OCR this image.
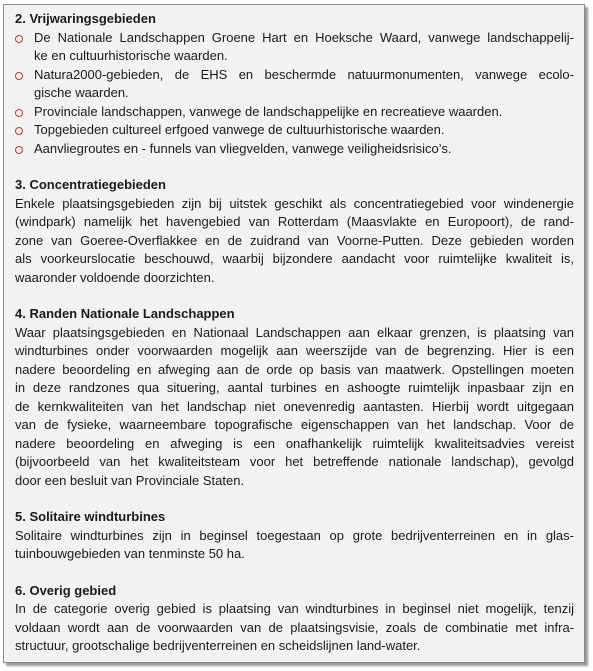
2. Vrijwaringsgebieden

De Nationale Landschappen Groene Hart en Hoeksche Waard, vanwege landschappelij-
ke en cultuurhistorische waarden.
Natura2000-gebieden, de EHS en beschermde natuurmonumenten, vanwege ecolo-
gische waarden.
Provinciale landschappen, vanwege de landschappelijke en recreatieve waarden.
Topgebieden cultureel erfgoed vanwege de cultuurhistorische waarden.
Aanvliegroutes en - funnels van vliegvelden, vanwege veiligheidsrisico’s.

3. Concentratiegebieden

Enkele plaatsingsgebieden zijn bij uitstek geschikt als concentratiegebied voor windenergie
(windpark) namelijk het havengebied van Rotterdam (Maasvlakte en Europoort), de rand-
zone van Goeree-Overflakkee en de zuidrand van Voorne-Putten. Deze gebieden worden
als voorkeurslocatie beschouwd, waarbij bijzondere aandacht voor ruimtelijke kwaliteit is,
waaronder voldoende doorzichten.

4. Randen Nationale Landschappen

Waar plaatsingsgebieden en Nationaal Landschappen aan elkaar grenzen, is plaatsing van
windturbines onder voorwaarden mogelijk aan weerszijde van de begrenzing. Hier is een
nadere beoordeling en afweging aan de orde op basis van maatwerk. Opstellingen moeten
in deze randzones qua situering, aantal turbines en ashoogte ruimtelijk inpasbaar zijn en
de kernkwaliteiten van het landschap niet onevenredig aantasten. Hierbij wordt uitgegaan
van de fysieke, waarneembare topografische eigenschappen van het landschap. Voor de
nadere beoordeling en afweging is een onafhankelijk ruimtelijk kwaliteitsadvies vereist
(bijvoorbeeld van het kwaliteitsteam voor het betreffende nationale landschap), gevolgd
door een besluit van Provinciale Staten.

5. Solitaire windturbines

Solitaire windturbines zijn in beginsel toegestaan op grote bedrijventerreinen en in glas-
tuinbouwgebieden van tenminste 50 ha.

6. Overig gebied

In de categorie overig gebied is plaatsing van windturbines in beginsel niet mogelijk, tenzij
voldaan wordt aan de voorwaarden van de plaatsingsvisie, zoals de combinatie met infra-
structuur, grootschalige bedrijventerreinen en scheidslijnen land-water.
